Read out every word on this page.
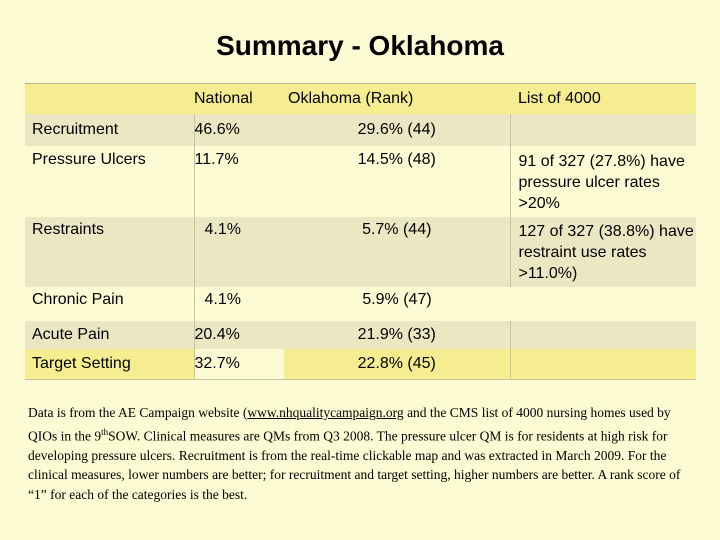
Summary - Oklahoma
	National	Oklahoma (Rank)	List of 4000
Recruitment	46.6%	29.6% (44)	
Pressure Ulcers	11.7%	14.5% (48)	91 of 327 (27.8%) have pressure ulcer rates >20%
Restraints	4.1%	5.7% (44)	127 of 327 (38.8%) have restraint use rates >11.0%)
Chronic Pain	4.1%	5.9% (47)	
Acute Pain	20.4%	21.9% (33)	
Target Setting	32.7%	22.8% (45)	
Data is from the AE Campaign website (www.nhqualitycampaign.org and the CMS list of 4000 nursing homes used by QIOs in the 9thSOW. Clinical measures are QMs from Q3 2008. The pressure ulcer QM is for residents at high risk for developing pressure ulcers. Recruitment is from the real-time clickable map and was extracted in March 2009. For the clinical measures, lower numbers are better; for recruitment and target setting, higher numbers are better. A rank score of “1” for each of the categories is the best.
